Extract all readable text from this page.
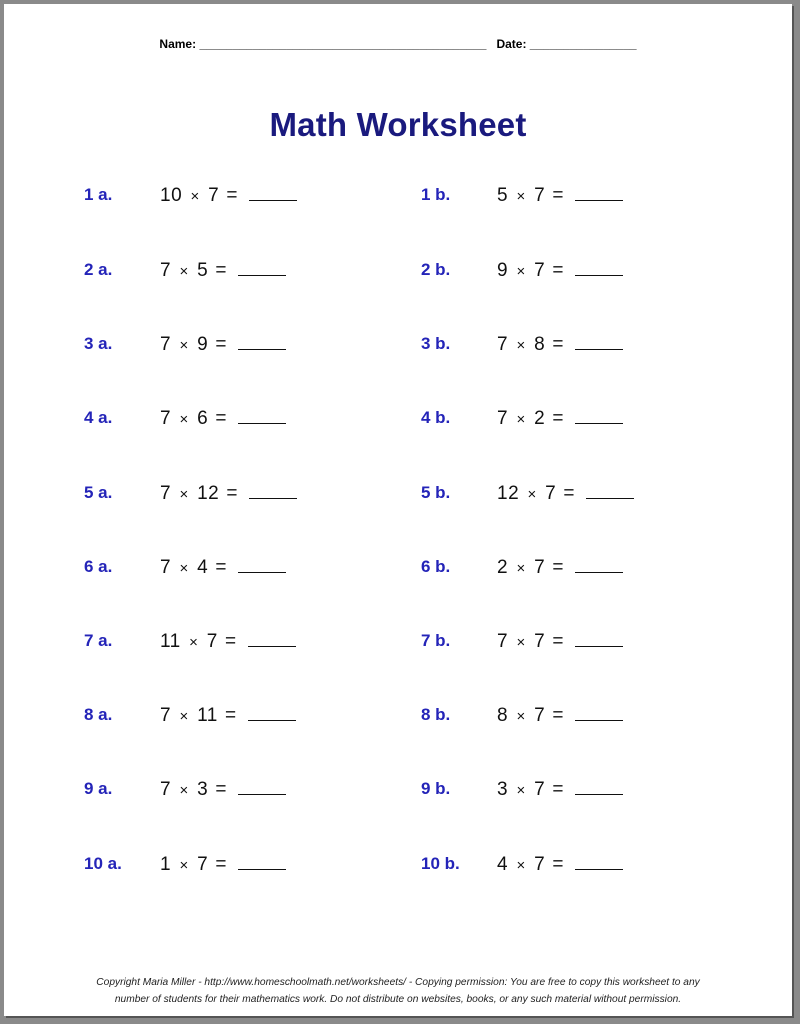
Name: ___________________________________________ Date: ________________
Math Worksheet
1 a.	10 × 7 =
2 a.	7 × 5 =
3 a.	7 × 9 =
4 a.	7 × 6 =
5 a.	7 × 12 =
6 a.	7 × 4 =
7 a.	11 × 7 =
8 a.	7 × 11 =
9 a.	7 × 3 =
10 a. 1 × 7 =
1 b. 5 × 7 =
2 b. 9 × 7 =
3 b. 7 × 8 =
4 b. 7 × 2 =
5 b. 12 × 7 =
6 b. 2 × 7 =
7 b. 7 × 7 =
8 b. 8 × 7 =
9 b. 3 × 7 =
10 b. 4 × 7 =
Copyright Maria Miller - http://www.homeschoolmath.net/worksheets/ - Copying permission: You are free to copy this worksheet to any
number of students for their mathematics work. Do not distribute on websites, books, or any such material without permission.
